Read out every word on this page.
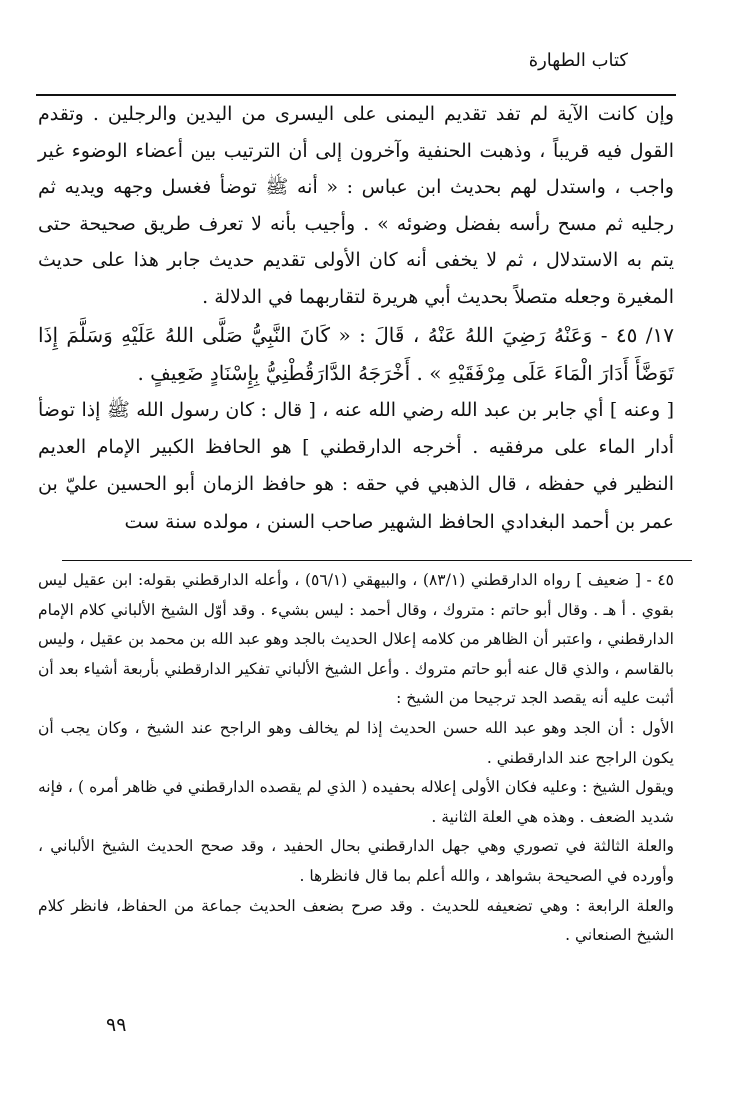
كتاب الطهارة

وإن كانت الآية لم تفد تقديم اليمنى على اليسرى من اليدين والرجلين . وتقدم القول فيه قريباً ، وذهبت الحنفية وآخرون إلى أن الترتيب بين أعضاء الوضوء غير واجب ، واستدل لهم بحديث ابن عباس : « أنه ﷺ توضأ فغسل وجهه ويديه ثم رجليه ثم مسح رأسه بفضل وضوئه » . وأجيب بأنه لا تعرف طريق صحيحة حتى يتم به الاستدلال ، ثم لا يخفى أنه كان الأولى تقديم حديث جابر هذا على حديث المغيرة وجعله متصلاً بحديث أبي هريرة لتقاربهما في الدلالة .

١٧/ ٤٥ - وَعَنْهُ رَضِيَ اللهُ عَنْهُ ، قَالَ : « كَانَ النَّبِيُّ صَلَّى اللهُ عَلَيْهِ وَسَلَّمَ إِذَا تَوَضَّأَ أَدَارَ الْمَاءَ عَلَى مِرْفَقَيْهِ » . أَخْرَجَهُ الدَّارَقُطْنِيُّ بِإِسْنَادٍ ضَعِيفٍ .

[ وعنه ] أي جابر بن عبد الله رضي الله عنه ، [ قال : كان رسول الله ﷺ إذا توضأ أدار الماء على مرفقيه . أخرجه الدارقطني ] هو الحافظ الكبير الإمام العديم النظير في حفظه ، قال الذهبي في حقه : هو حافظ الزمان أبو الحسين عليّ بن عمر بن أحمد البغدادي الحافظ الشهير صاحب السنن ، مولده سنة ست

٤٥ - [ ضعيف ] رواه الدارقطني (٨٣/١) ، والبيهقي (٥٦/١) ، وأعله الدارقطني بقوله: ابن عقيل ليس بقوي . أ هـ . وقال أبو حاتم : متروك ، وقال أحمد : ليس بشيء . وقد أوّل الشيخ الألباني كلام الإمام الدارقطني ، واعتبر أن الظاهر من كلامه إعلال الحديث بالجد وهو عبد الله بن محمد بن عقيل ، وليس بالقاسم ، والذي قال عنه أبو حاتم متروك . وأعل الشيخ الألباني تفكير الدارقطني بأربعة أشياء بعد أن أثبت عليه أنه يقصد الجد ترجيحا من الشيخ :

الأول : أن الجد وهو عبد الله حسن الحديث إذا لم يخالف وهو الراجح عند الشيخ ، وكان يجب أن يكون الراجح عند الدارقطني .

ويقول الشيخ : وعليه فكان الأولى إعلاله بحفيده ( الذي لم يقصده الدارقطني في ظاهر أمره ) ، فإنه شديد الضعف . وهذه هي العلة الثانية .

والعلة الثالثة في تصوري وهي جهل الدارقطني بحال الحفيد ، وقد صحح الحديث الشيخ الألباني ، وأورده في الصحيحة بشواهد ، والله أعلم بما قال فانظرها .

والعلة الرابعة : وهي تضعيفه للحديث . وقد صرح بضعف الحديث جماعة من الحفاظ، فانظر كلام الشيخ الصنعاني .

٩٩
